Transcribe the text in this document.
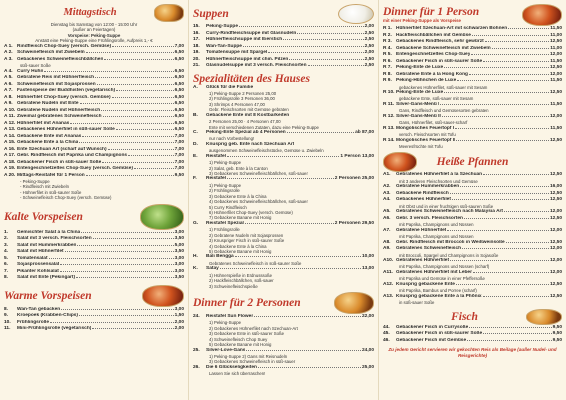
Mittagstisch
Dienstag bis Samstag von 12:00 - 15:00 Uhr
(außer an Feiertagen)
Vorspeise: Peking-Suppe
Anstatt eine Peking-Suppe eine Frühlingsrolle, Aufpreis 1,- €
A 1. Rindfleisch Chop-Suey (versch. Gemüse)	7,00
A 2. Schweinefleisch mit Zwiebeln	6,50
A 3. Gebackenes Schweinefleischbällchen	6,50
süß-sauer Soße
A 4. Curry Huhn	6,50
A 5. Gebratene Reis mit Hühnerfleisch	6,50
A 6. Schweinefleisch mit Sojasprossen	6,50
A 7. Fastenspeise der Buddhisten (vegetarisch)	6,50
A 8. Hühnerfilet Chop-Suey (versch. Gemüse)	6,50
A 9. Gebratene Nudeln mit Ente	6,50
A 10. Gebratene Nudeln mit Hühnerfleisch	6,50
A 11. Zweimal gebratenes Schweinefleisch	6,50
A 12. Hühnerfilet mit Ananas	6,50
A 13. Gebackenes Hühnerfilet in süß-sauer Soße	6,50
A 14. Gebackene Ente mit Ananas	7,00
A 15. Gebackene Ente à la China	7,00
A 16. Ente Szechuan Art (scharf auf Wunsch)	7,00
A 17. Gebr. Rindfleisch mit Paprika und Champignons	7,00
A 18. Gebackener Fisch in süß-sauer Soße	7,00
A 19. Entengeschnetzeltes Chop-Suey (versch. Gemüse)	7,00
A 20. Mittags-Reistafel für 1 Person	9,50
- Peking-Suppe
- Rindfleisch mit Zwiebeln
- Hühnerfilet in süß-saurer Soße
- Schweinefleisch Chop-Suey (versch. Gemüse)
Kalte Vorspeisen
1.	Gemischter Salat à la China	3,00
2.	Salat mit 3 versch. Fleischsorten	3,50
3.	Salat mit Hummerkrabben	5,00
4.	Salat mit Hühnerfilet	3,50
5.	Tomatensalat	3,00
6.	Sojasprossensalat	3,00
7.	Pikanter Kohlsalat	3,00
8.	Salat mit Ente (Pekingart)	3,50
Warme Vorspeisen
8.	Wan-Tan gebacken	3,00
9.	Kroepoek (Krabben-Chips)	1,50
10.	Frühlingsrolle	2,00
11.	Mini-Frühlingsrolle (vegetarisch)	2,00
Suppen
15.	Peking-Suppe	2,00
16.	Curry-Rindfleischsuppe mit Glasnudeln	2,50
17.	Hühnerfleischsuppe mit Eierstich	2,50
18.	Wan-Tan-Suppe	2,50
19.	Tomatensuppe mit Spargel	2,00
20.	Hühnerfleischsuppe mit chin. Pilzen	2,50
21.	Glasnudelsuppe mit 3 versch. Fleischsorten	2,50
Spezialitäten des Hauses
A.	Glück für die Familie
1) Peking-Suppe 2 Personen 25,00
2) Frühlingsrolle 3 Personen 36,00
3) Shrimps 4 Personen 47,00
Gebr. Fleischsorten mit Gemüse gebraten
B.	Gebackene Ente mit 8 Kostbarkeiten
2 Personen 25,00 · 4 Personen 47,00
Ente mit verschiedenen Zutaten, dazu eine Peking-Suppe
C.	Peking-Ente Spezial ab 4 Personen	ab 87,00
nur nach Vorbestellung!
D.	Knusprig geb. Ente nach Szechuan Art
ausgenommen Schweinefleischstücke, Gemüse u. Zwiebeln
E.	Reistafel	1 Person 13,00
1) Peking-Suppe
2) Salat, geb. Ente à la Canton
3) Gebackenes Schweinefleischbällchen, süß-sauer
F.	Reistafel	2 Personen 25,00
1) Peking-Suppe
2) Frühlingsrolle
3) Gebackene Ente à la China
4) Gebackenes Schweinefleischbällchen, süß-sauer
5) Curry Rindfleisch
6) Hühnerfilet Chop-Suey (versch. Gemüse)
7) Gebackene Banane mit Honig
G.	Reistafel Spezial	2 Personen 29,50
1) Frühlingsrolle
2) Gebratene Nudeln mit Sojasprossen
3) Knuspriger Fisch in süß-saurer Soße
4) Gebackene Ente à la China
5) Gebackene Banane mit Honig
H.	Bali Bengga	10,00
Gebratenes Schweinefleisch in süß-saurer Soße
K.	Satay	13,00
1) Hühnerspieße in Erdnusssoße
2) Hackfleischbällchen, süß-sauer
3) Schweinefleischspieße
Dinner für 2 Personen
24.	Reistafel Sun Flower	22,00
1) Peking-Suppe
2) Gebackenes Hühnerfilet nach Szechuan-Art
3) Gebackene Ente in süß-saurer Soße
4) Schweinefleisch Chop Suey
5) Gebackene Banane mit Honig
25.	Silver-Love-Gans	24,00
1) Peking-Suppe 2) Gans mit Reisnudeln
3) Gebackenes Schweinefleisch in süß-sauer
26.	Die 6 Glückseligkeiten	25,00
Lassen Sie sich überraschen!
Dinner für 1 Person
mit einer Peking-Suppe als Vorspeise
R 1. Hühnerfilet Szechuan-Art mit schwarzen Bohnen	11,50
R 2. Hackfleischbällchen mit Gemüse	11,00
R 3. Gebackenes Rindfleisch, sehr gewürzt	12,50
R 4. Gebackene Schweinefleisch mit Zwiebeln	11,00
R 5. Entengeschnetzeltes Chop-Suey	12,00
R 6. Gebackener Fisch in süß-saurer Soße	11,50
R 7. Peking-Ente de Luxe	12,50
R 8. Gebratene Ente à la Hong Kong	12,00
R 9. Peking-Hühnchen de Luxe	11,50
gebackenes Hühnerfilet, süß-sauer mit Sesam
R 10. Peking-Ente de Luxe	12,50
gebackene Ente, süß-sauer mit Sesam
R 11. Silver-Gans-Menü I	11,50
Gans, Rindfleisch und Gemüsesorten gebraten
R 12. Silver-Gans-Menü II	12,00
Gans, Hühnerfilet, süß-sauer-scharf
R 13. Mongolisches Feuertopf I	11,50
versch. Fleischsorten mit Tofu
R 14. Mongolisches Feuertopf II	12,50
Meeresfrüchte mit Tofu
Heiße Pfannen
A1.	Gebratenes Hühnerfilet à la Szechuan	12,50
mit 3 anderen Fleischsorten und Gemüse
A2.	Gebratene Hummerkrabben	16,00
A3.	Gebackene Rindfleisch	12,50
A4.	Gebackenes Hühnerfilet	12,50
mit Obst und in einer fruchtigen süß-sauren Soße
A5.	Gebratenes Schweinefleisch nach Malaysia Art	12,00
A6.	Gebr. 3 versch. Fleischsorten	12,50
mit Paprika, Champignons und Nüssen
A7.	Gebratene Hühnerfilet	12,00
mit Paprika, Champignons und Nüssen
A8.	Gebr. Rindfleisch mit Broccoli in Weißweinsoße	12,50
A9.	Gebratenes Schweinefleisch	12,00
mit Broccoli, Spargel und Champignons in Sojasoße
A10. Gebratenes Hühnerfilet	12,00
mit Paprika, Champignons und Nüssen (scharf)
A11. Gebratenes Hühnerfilet mit Leber	12,00
mit Paprika und Gemüse in einer Pfeffersoße
A12. Knusprig gebackene Ente	12,50
mit Paprika, Bambus und Porree (scharf)
A13. Knusprig gebackene Ente à la Phönix	12,50
in süß-sauer Soße
Fisch
44.	Gebackener Fisch in Currysoße	9,50
45.	Gebackener Fisch in süß-saurer Soße	9,50
46.	Gebackener Fisch mit Gemüse	9,50
Zu jedem Gericht servieren wir gekochten Reis als Beilage (außer Nudel- und Reisgerichte)
